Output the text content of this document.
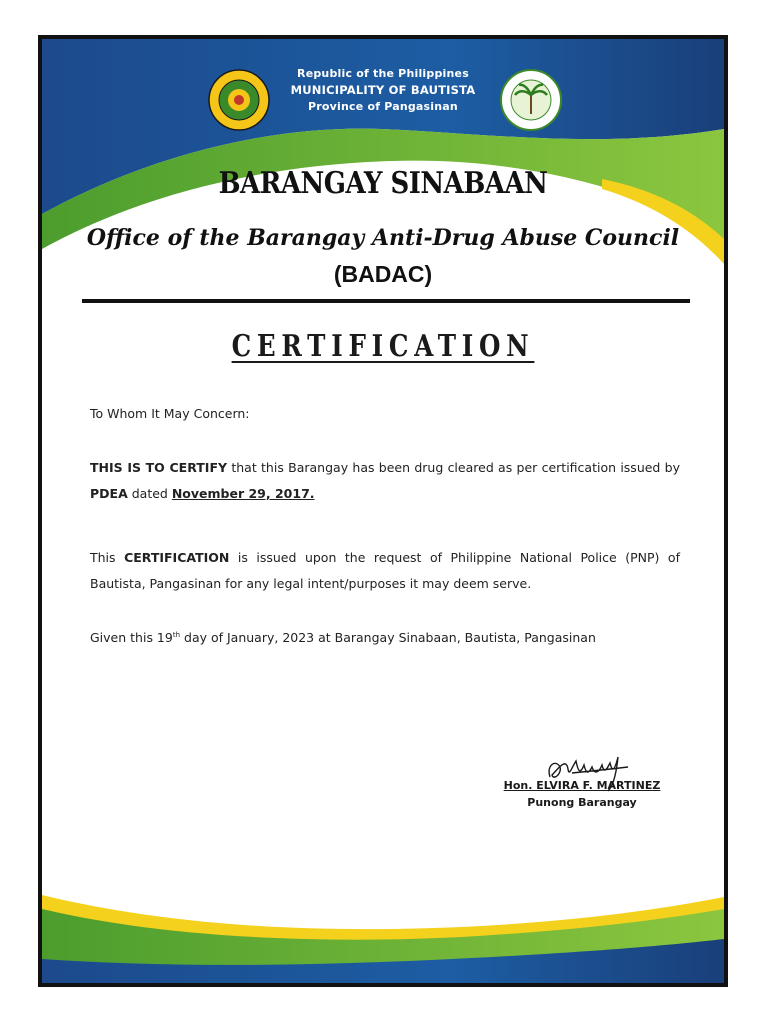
Republic of the Philippines
MUNICIPALITY OF BAUTISTA
Province of Pangasinan
BARANGAY SINABAAN
Office of the Barangay Anti-Drug Abuse Council
(BADAC)
CERTIFICATION
To Whom It May Concern:
THIS IS TO CERTIFY that this Barangay has been drug cleared as per certification issued by PDEA dated November 29, 2017.
This CERTIFICATION is issued upon the request of Philippine National Police (PNP) of Bautista, Pangasinan for any legal intent/purposes it may deem serve.
Given this 19th day of January, 2023 at Barangay Sinabaan, Bautista, Pangasinan
Hon. ELVIRA F. MARTINEZ
Punong Barangay
